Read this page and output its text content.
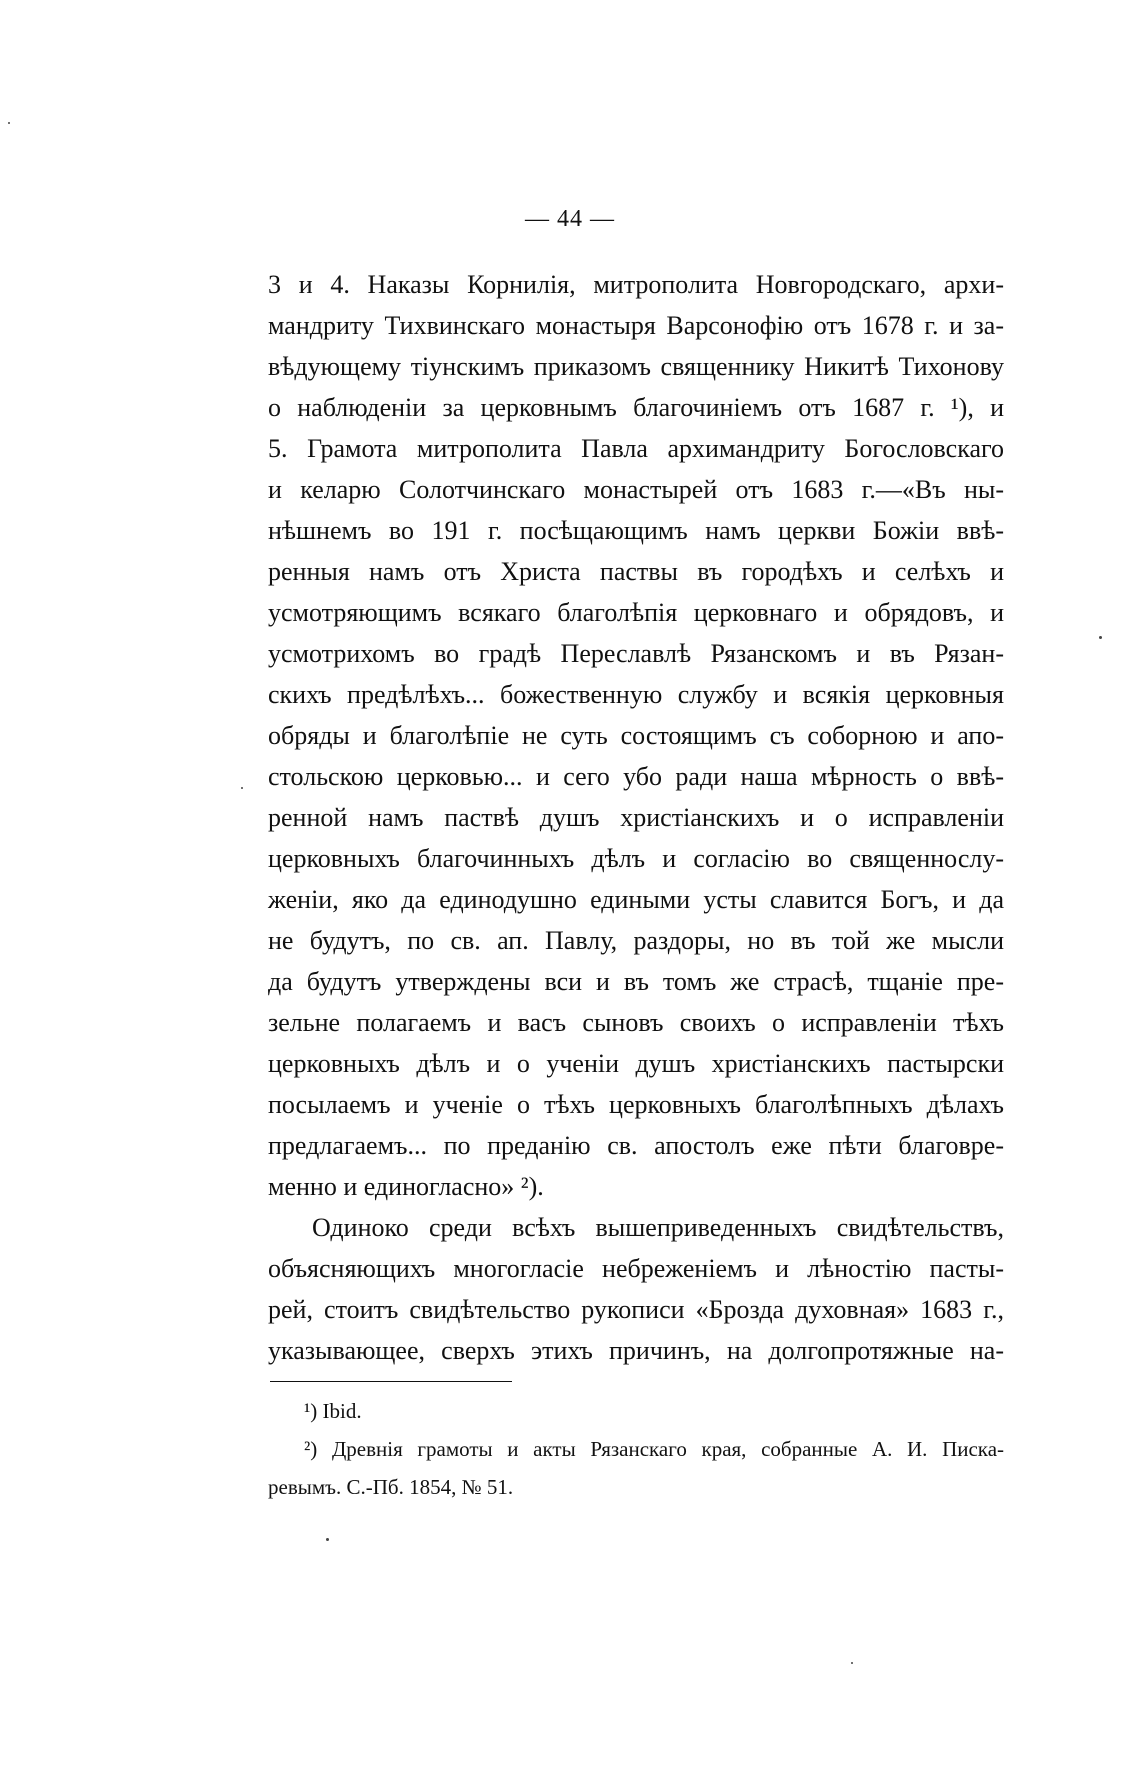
— 44 —
3 и 4. Наказы Корнилія, митрополита Новгородскаго, архи-
мандриту Тихвинскаго монастыря Варсонофію отъ 1678 г. и за-
вѣдующему тіунскимъ приказомъ священнику Никитѣ Тихонову
о наблюденіи за церковнымъ благочиніемъ отъ 1687 г. ¹), и
5. Грамота митрополита Павла архимандриту Богословскаго
и келарю Солотчинскаго монастырей отъ 1683 г.—«Въ ны-
нѣшнемъ во 191 г. посѣщающимъ намъ церкви Божіи ввѣ-
ренныя намъ отъ Христа паствы въ городѣхъ и селѣхъ и
усмотряющимъ всякаго благолѣпія церковнаго и обрядовъ, и
усмотрихомъ во градѣ Переславлѣ Рязанскомъ и въ Рязан-
скихъ предѣлѣхъ... божественную службу и всякія церковныя
обряды и благолѣпіе не суть состоящимъ съ соборною и апо-
стольскою церковью... и сего убо ради наша мѣрность о ввѣ-
ренной намъ паствѣ душъ христіанскихъ и о исправленіи
церковныхъ благочинныхъ дѣлъ и согласію во священнослу-
женіи, яко да единодушно едиными усты славится Богъ, и да
не будутъ, по св. ап. Павлу, раздоры, но въ той же мысли
да будутъ утверждены вси и въ томъ же страсѣ, тщаніе пре-
зельне полагаемъ и васъ сыновъ своихъ о исправленіи тѣхъ
церковныхъ дѣлъ и о ученіи душъ христіанскихъ пастырски
посылаемъ и ученіе о тѣхъ церковныхъ благолѣпныхъ дѣлахъ
предлагаемъ... по преданію св. апостолъ еже пѣти благовре-
менно и единогласно» ²).
Одиноко среди всѣхъ вышеприведенныхъ свидѣтельствъ,
объясняющихъ многогласіе небреженіемъ и лѣностію пасты-
рей, стоитъ свидѣтельство рукописи «Брозда духовная» 1683 г.,
указывающее, сверхъ этихъ причинъ, на долгопротяжные на-
¹) Ibid.
²) Древнія грамоты и акты Рязанскаго края, собранные А. И. Писка-
ревымъ. С.-Пб. 1854, № 51.
